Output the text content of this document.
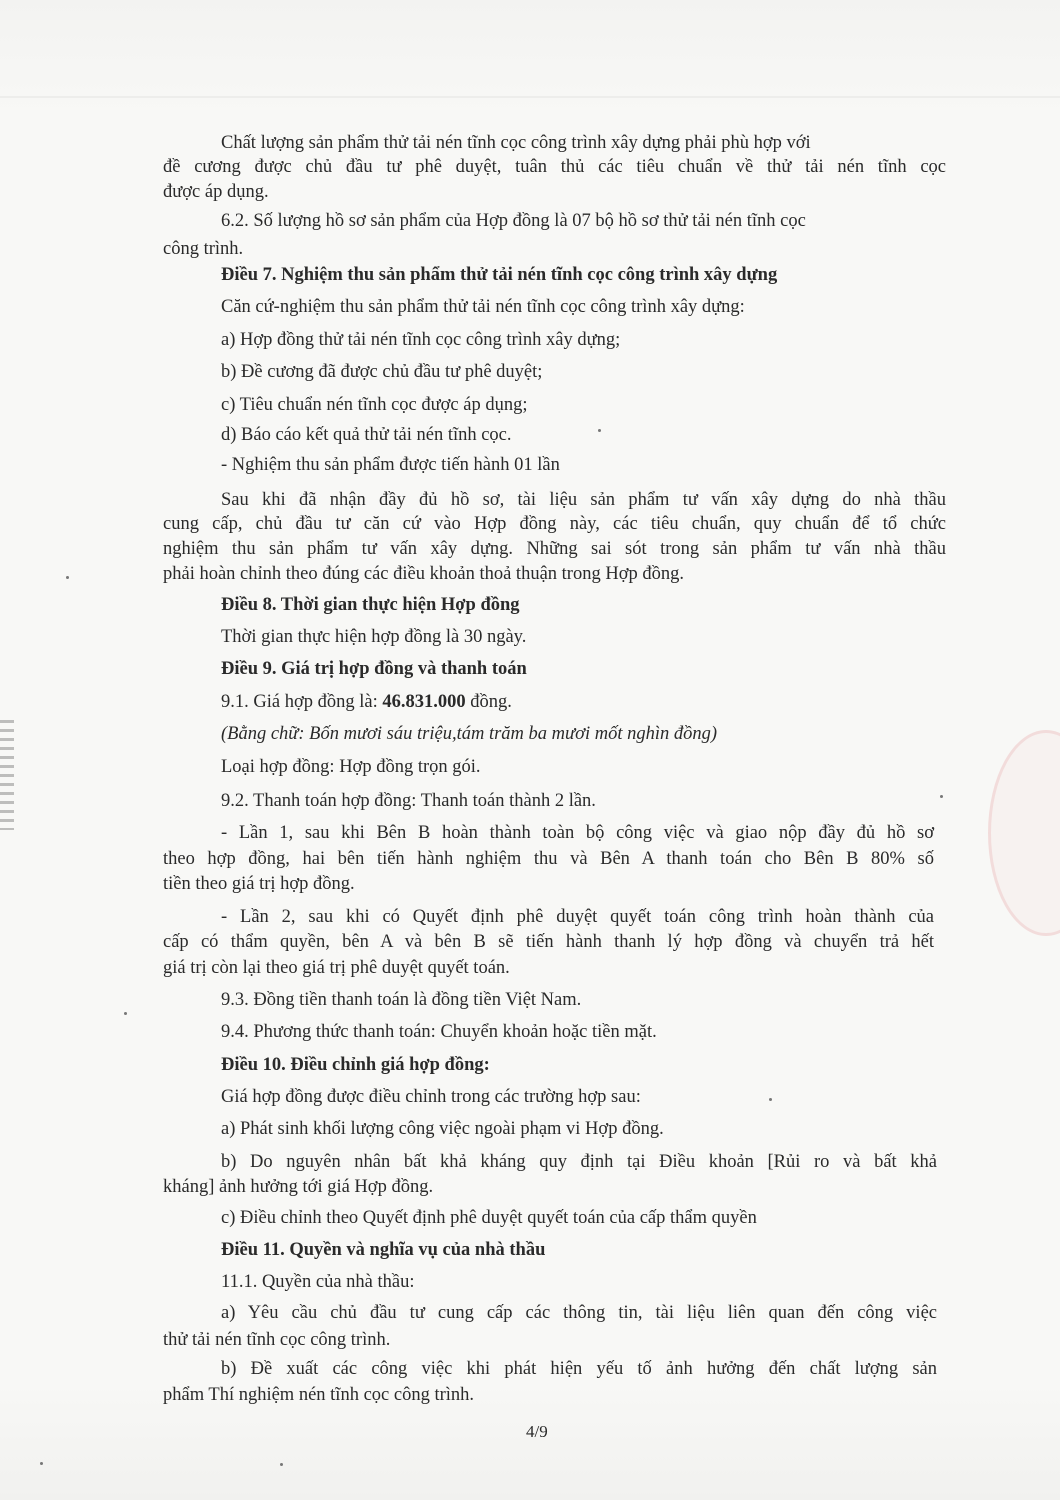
Chất lượng sản phẩm thử tải nén tĩnh cọc công trình xây dựng phải phù hợp với
đề cương được chủ đầu tư phê duyệt, tuân thủ các tiêu chuẩn về thử tải nén tĩnh cọc
được áp dụng.
6.2. Số lượng hồ sơ sản phẩm của Hợp đồng là 07 bộ hồ sơ thử tải nén tĩnh cọc
công trình.
Điều 7. Nghiệm thu sản phẩm thử tải nén tĩnh cọc công trình xây dựng
Căn cứ-nghiệm thu sản phẩm thử tải nén tĩnh cọc công trình xây dựng:
a) Hợp đồng thử tải nén tĩnh cọc công trình xây dựng;
b) Đề cương đã được chủ đầu tư phê duyệt;
c) Tiêu chuẩn nén tĩnh cọc được áp dụng;
d) Báo cáo kết quả thử tải nén tĩnh cọc.
- Nghiệm thu sản phẩm được tiến hành 01 lần
Sau khi đã nhận đầy đủ hồ sơ, tài liệu sản phẩm tư vấn xây dựng do nhà thầu
cung cấp, chủ đầu tư căn cứ vào Hợp đồng này, các tiêu chuẩn, quy chuẩn để tổ chức
nghiệm thu sản phẩm tư vấn xây dựng. Những sai sót trong sản phẩm tư vấn nhà thầu
phải hoàn chỉnh theo đúng các điều khoản thoả thuận trong Hợp đồng.
Điều 8. Thời gian thực hiện Hợp đồng
Thời gian thực hiện hợp đồng là 30 ngày.
Điều 9. Giá trị hợp đồng và thanh toán
9.1. Giá hợp đồng là: 46.831.000 đồng.
(Bằng chữ: Bốn mươi sáu triệu,tám trăm ba mươi mốt nghìn đồng)
Loại hợp đồng: Hợp đồng trọn gói.
9.2. Thanh toán hợp đồng: Thanh toán thành 2 lần.
- Lần 1, sau khi Bên B hoàn thành toàn bộ công việc và giao nộp đầy đủ hồ sơ
theo hợp đồng, hai bên tiến hành nghiệm thu và Bên A thanh toán cho Bên B 80% số
tiền theo giá trị hợp đồng.
- Lần 2, sau khi có Quyết định phê duyệt quyết toán công trình hoàn thành của
cấp có thẩm quyền, bên A và bên B sẽ tiến hành thanh lý hợp đồng và chuyển trả hết
giá trị còn lại theo giá trị phê duyệt quyết toán.
9.3. Đồng tiền thanh toán là đồng tiền Việt Nam.
9.4. Phương thức thanh toán: Chuyển khoản hoặc tiền mặt.
Điều 10. Điều chỉnh giá hợp đồng:
Giá hợp đồng được điều chỉnh trong các trường hợp sau:
a) Phát sinh khối lượng công việc ngoài phạm vi Hợp đồng.
b) Do nguyên nhân bất khả kháng quy định tại Điều khoản [Rủi ro và bất khả
kháng] ảnh hưởng tới giá Hợp đồng.
c) Điều chỉnh theo Quyết định phê duyệt quyết toán của cấp thẩm quyền
Điều 11. Quyền và nghĩa vụ của nhà thầu
11.1. Quyền của nhà thầu:
a) Yêu cầu chủ đầu tư cung cấp các thông tin, tài liệu liên quan đến công việc
thử tải nén tĩnh cọc công trình.
b) Đề xuất các công việc khi phát hiện yếu tố ảnh hưởng đến chất lượng sản
phẩm Thí nghiệm nén tĩnh cọc công trình.
4/9
